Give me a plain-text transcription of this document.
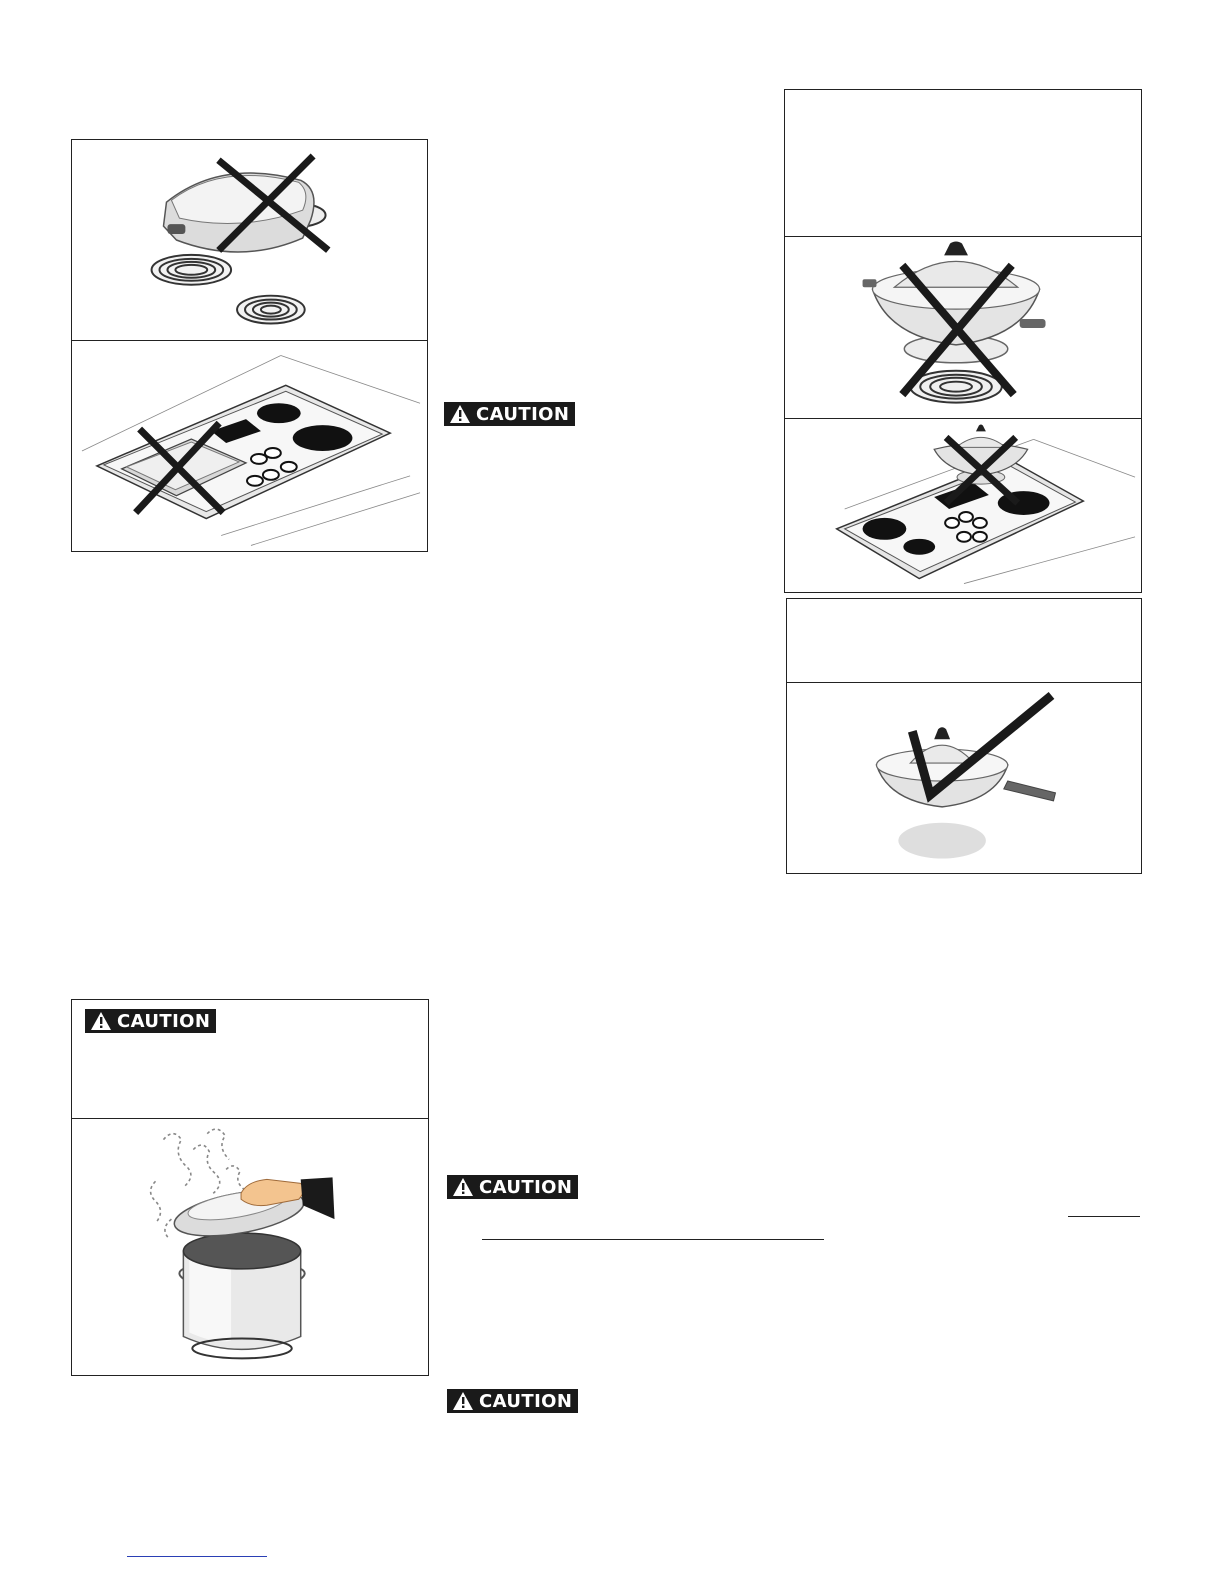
CAUTION
CAUTION
CAUTION
CAUTION
